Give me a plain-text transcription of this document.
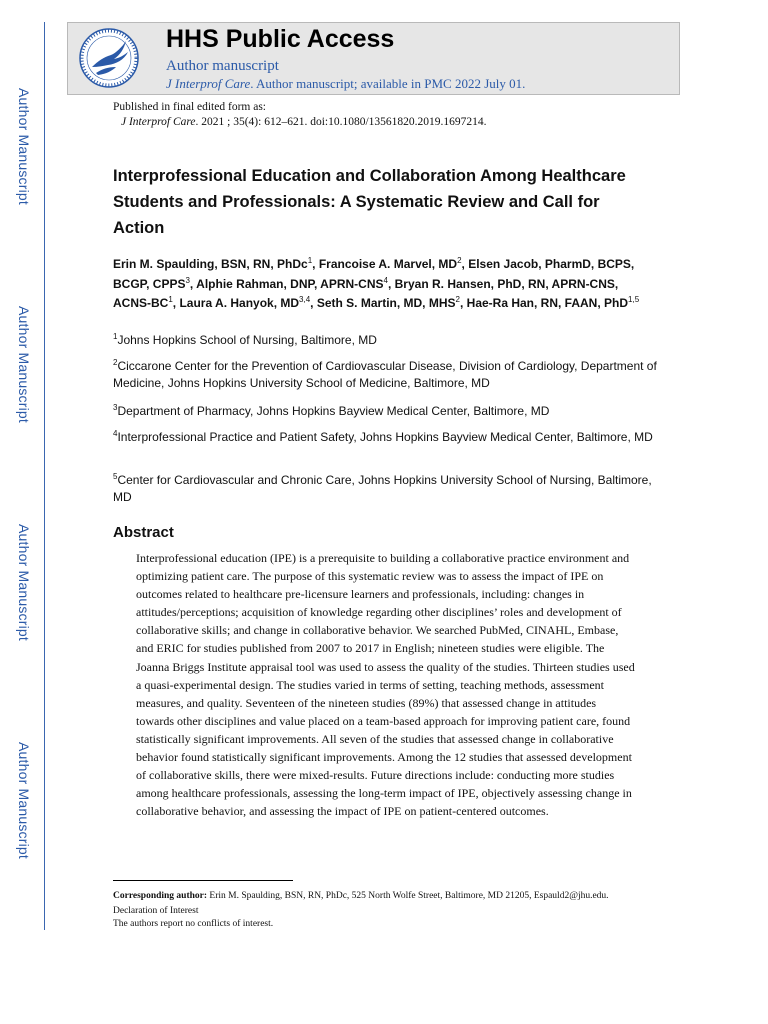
Author Manuscript
Author Manuscript
Author Manuscript
Author Manuscript
HHS Public Access
Author manuscript
J Interprof Care. Author manuscript; available in PMC 2022 July 01.
Published in final edited form as:
J Interprof Care. 2021 ; 35(4): 612–621. doi:10.1080/13561820.2019.1697214.
Interprofessional Education and Collaboration Among Healthcare Students and Professionals: A Systematic Review and Call for Action
Erin M. Spaulding, BSN, RN, PhDc$^1$, Francoise A. Marvel, $MD^2$, Elsen Jacob, PharmD, BCPS, BCGP, CPPS$^3$, Alphie Rahman, DNP, APRN-CNS$^4$, Bryan R. Hansen, PhD, RN, APRN-CNS, ACNS-$BC^1$, Laura A. Hanyok, MD$^{3,4}$, Seth S. Martin, MD, MHS$^2$, Hae-Ra Han, RN, FAAN, PhD$^{1,5}$
$^1$Johns Hopkins School of Nursing, Baltimore, MD
$^2$Ciccarone Center for the Prevention of Cardiovascular Disease, Division of Cardiology, Department of Medicine, Johns Hopkins University School of Medicine, Baltimore, MD
$^3$Department of Pharmacy, Johns Hopkins Bayview Medical Center, Baltimore, MD
$^4$Interprofessional Practice and Patient Safety, Johns Hopkins Bayview Medical Center, Baltimore, MD
$^5$Center for Cardiovascular and Chronic Care, Johns Hopkins University School of Nursing, Baltimore, MD
Abstract
Interprofessional education (IPE) is a prerequisite to building a collaborative practice environment and optimizing patient care. The purpose of this systematic review was to assess the impact of IPE on outcomes related to healthcare pre-licensure learners and professionals, including: changes in attitudes/perceptions; acquisition of knowledge regarding other disciplines’ roles and development of collaborative skills; and change in collaborative behavior. We searched PubMed, CINAHL, Embase, and ERIC for studies published from 2007 to 2017 in English; nineteen studies were eligible. The Joanna Briggs Institute appraisal tool was used to assess the quality of the studies. Thirteen studies used a quasi-experimental design. The studies varied in terms of setting, teaching methods, assessment measures, and quality. Seventeen of the nineteen studies (89%) that assessed change in attitudes towards other disciplines and value placed on a team-based approach for improving patient care, found statistically significant improvements. All seven of the studies that assessed change in collaborative behavior found statistically significant improvements. Among the 12 studies that assessed development of collaborative skills, there were mixed-results. Future directions include: conducting more studies among healthcare professionals, assessing the long-term impact of IPE, objectively assessing change in collaborative behavior, and assessing the impact of IPE on patient-centered outcomes.
Corresponding author: Erin M. Spaulding, BSN, RN, PhDc, 525 North Wolfe Street, Baltimore, MD 21205, Espauld2@jhu.edu.
Declaration of Interest
The authors report no conflicts of interest.
